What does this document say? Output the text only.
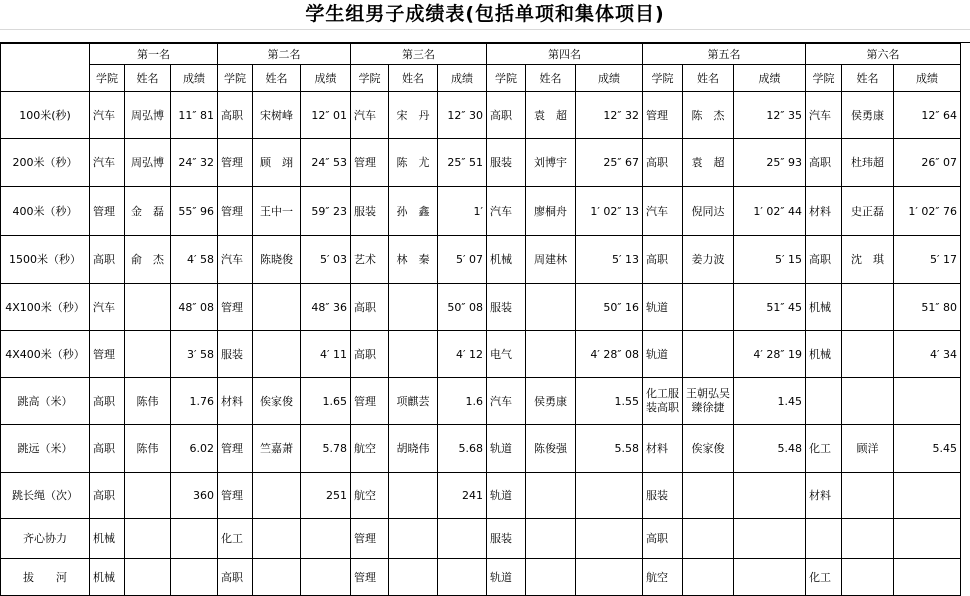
学生组男子成绩表(包括单项和集体项目)
	第一名			第二名			第三名			第四名			第五名			第六名		
	学院	姓名	成绩	学院	姓名	成绩	学院	姓名	成绩	学院	姓名	成绩	学院	姓名	成绩	学院	姓名	成绩
100米(秒)	汽车	周弘博	11″ 81	高职	宋树峰	12″ 01	汽车	宋　丹	12″ 30	高职	袁　超	12″ 32	管理	陈　杰	12″ 35	汽车	侯勇康	12″ 64
200米（秒）	汽车	周弘博	24″ 32	管理	顾　翊	24″ 53	管理	陈　尤	25″ 51	服装	刘博宇	25″ 67	高职	袁　超	25″ 93	高职	杜玮超	26″ 07
400米（秒）	管理	金　磊	55″ 96	管理	王中一	59″ 23	服装	孙　鑫	1′	汽车	廖桐舟	1′ 02″ 13	汽车	倪同达	1′ 02″ 44	材料	史正磊	1′ 02″ 76
1500米（秒）	高职	俞　杰	4′ 58	汽车	陈晓俊	5′ 03	艺术	林　秦	5′ 07	机械	周建林	5′ 13	高职	姜力波	5′ 15	高职	沈　琪	5′ 17
4X100米（秒）	汽车		48″ 08	管理		48″ 36	高职		50″ 08	服装		50″ 16	轨道		51″ 45	机械		51″ 80
4X400米（秒）	管理		3′ 58	服装		4′ 11	高职		4′ 12	电气		4′ 28″ 08	轨道		4′ 28″ 19	机械		4′ 34
跳高（米）	高职	陈伟	1.76	材料	俟家俊	1.65	管理	项麒芸	1.6	汽车	侯勇康	1.55	化工服装高职	王朝弘吴臻徐捷	1.45			
跳远（米）	高职	陈伟	6.02	管理	竺嘉萧	5.78	航空	胡晓伟	5.68	轨道	陈俊强	5.58	材料	俟家俊	5.48	化工	顾洋	5.45
跳长绳（次）	高职		360	管理		251	航空		241	轨道			服装			材料		
齐心协力	机械			化工			管理			服装			高职					
拔　　河	机械			高职			管理			轨道			航空			化工		
